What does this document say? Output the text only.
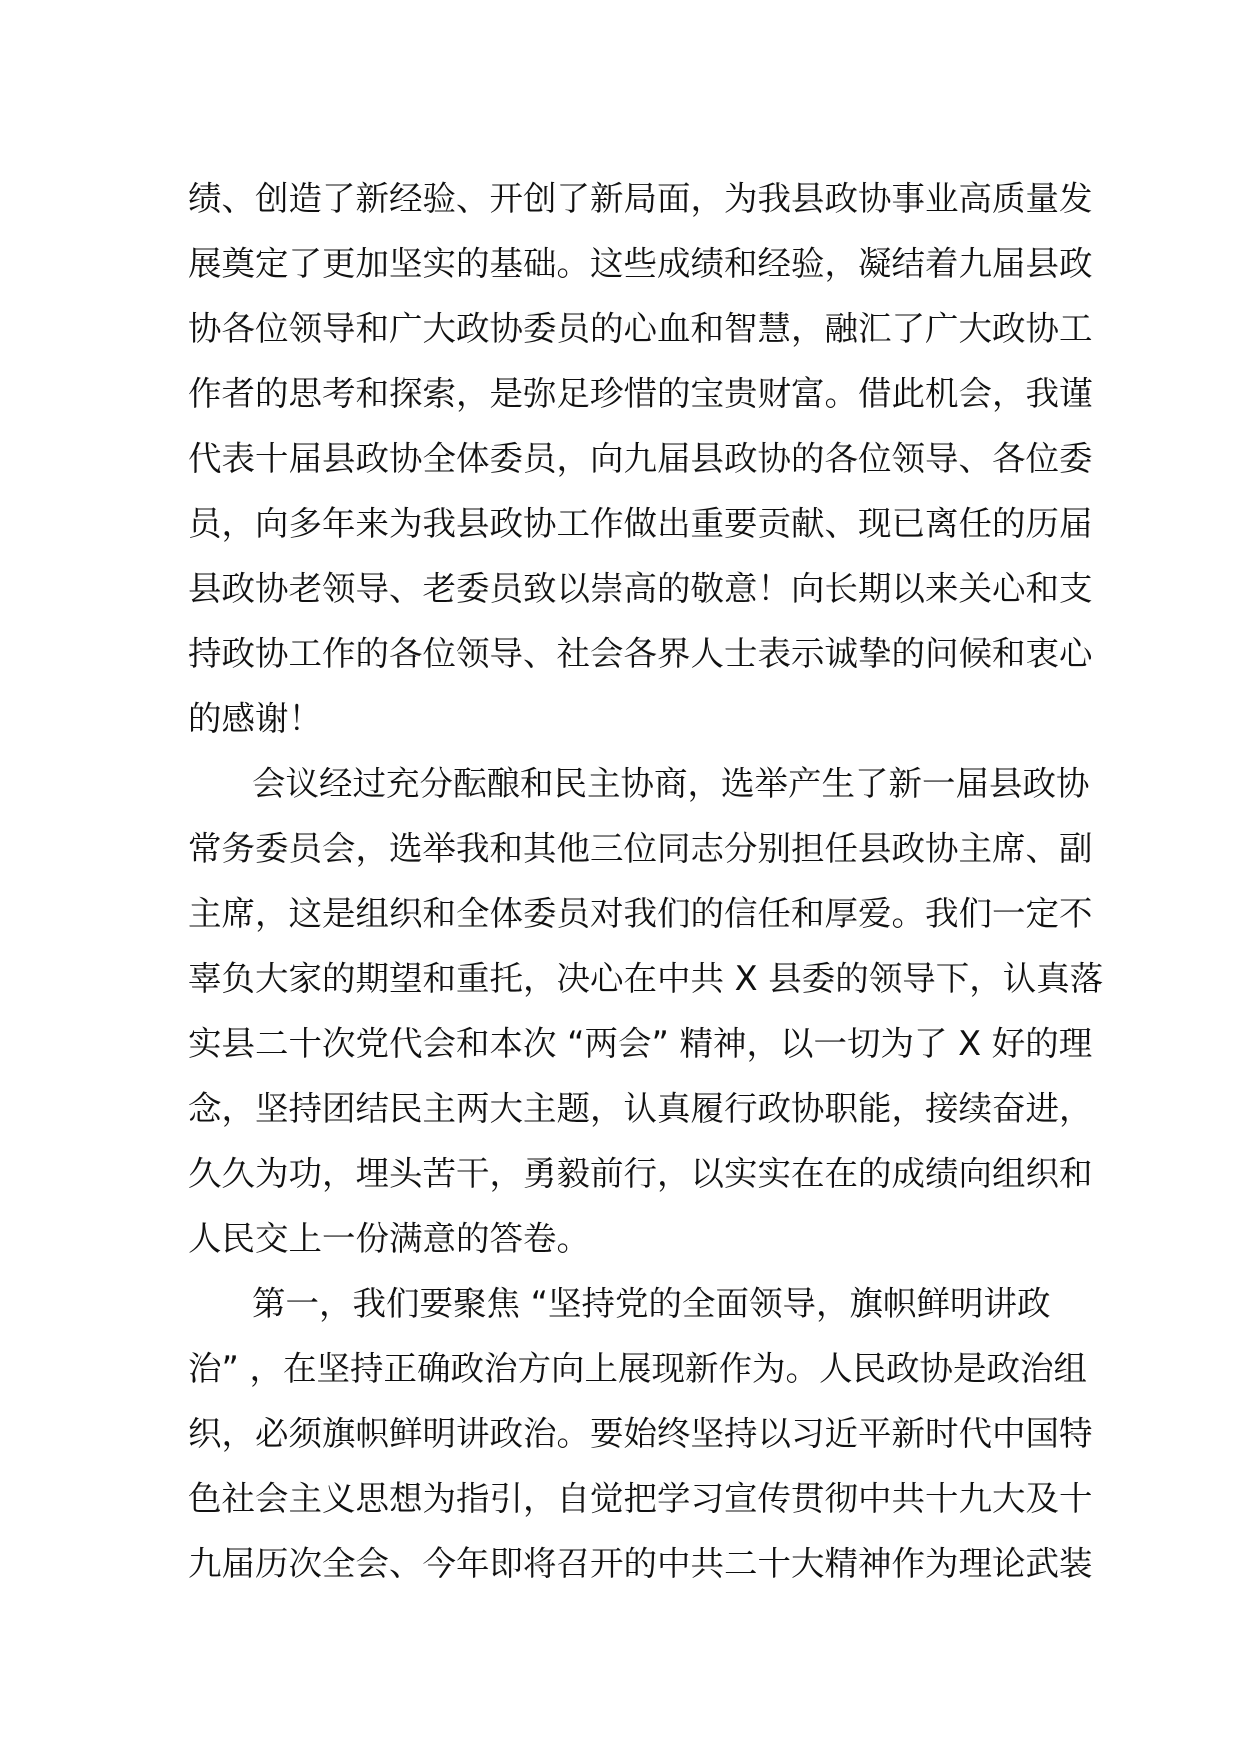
绩、创造了新经验、开创了新局面，为我县政协事业高质量发
展奠定了更加坚实的基础。这些成绩和经验，凝结着九届县政
协各位领导和广大政协委员的心血和智慧，融汇了广大政协工
作者的思考和探索，是弥足珍惜的宝贵财富。借此机会，我谨
代表十届县政协全体委员，向九届县政协的各位领导、各位委
员，向多年来为我县政协工作做出重要贡献、现已离任的历届
县政协老领导、老委员致以崇高的敬意！向长期以来关心和支
持政协工作的各位领导、社会各界人士表示诚挚的问候和衷心
的感谢！
会议经过充分酝酿和民主协商，选举产生了新一届县政协
常务委员会，选举我和其他三位同志分别担任县政协主席、副
主席，这是组织和全体委员对我们的信任和厚爱。我们一定不
辜负大家的期望和重托，决心在中共 X 县委的领导下，认真落
实县二十次党代会和本次 “两会” 精神，以一切为了 X 好的理
念，坚持团结民主两大主题，认真履行政协职能，接续奋进，
久久为功，埋头苦干，勇毅前行，以实实在在的成绩向组织和
人民交上一份满意的答卷。
第一，我们要聚焦 “坚持党的全面领导，旗帜鲜明讲政
治” ，在坚持正确政治方向上展现新作为。人民政协是政治组
织，必须旗帜鲜明讲政治。要始终坚持以习近平新时代中国特
色社会主义思想为指引，自觉把学习宣传贯彻中共十九大及十
九届历次全会、今年即将召开的中共二十大精神作为理论武装
